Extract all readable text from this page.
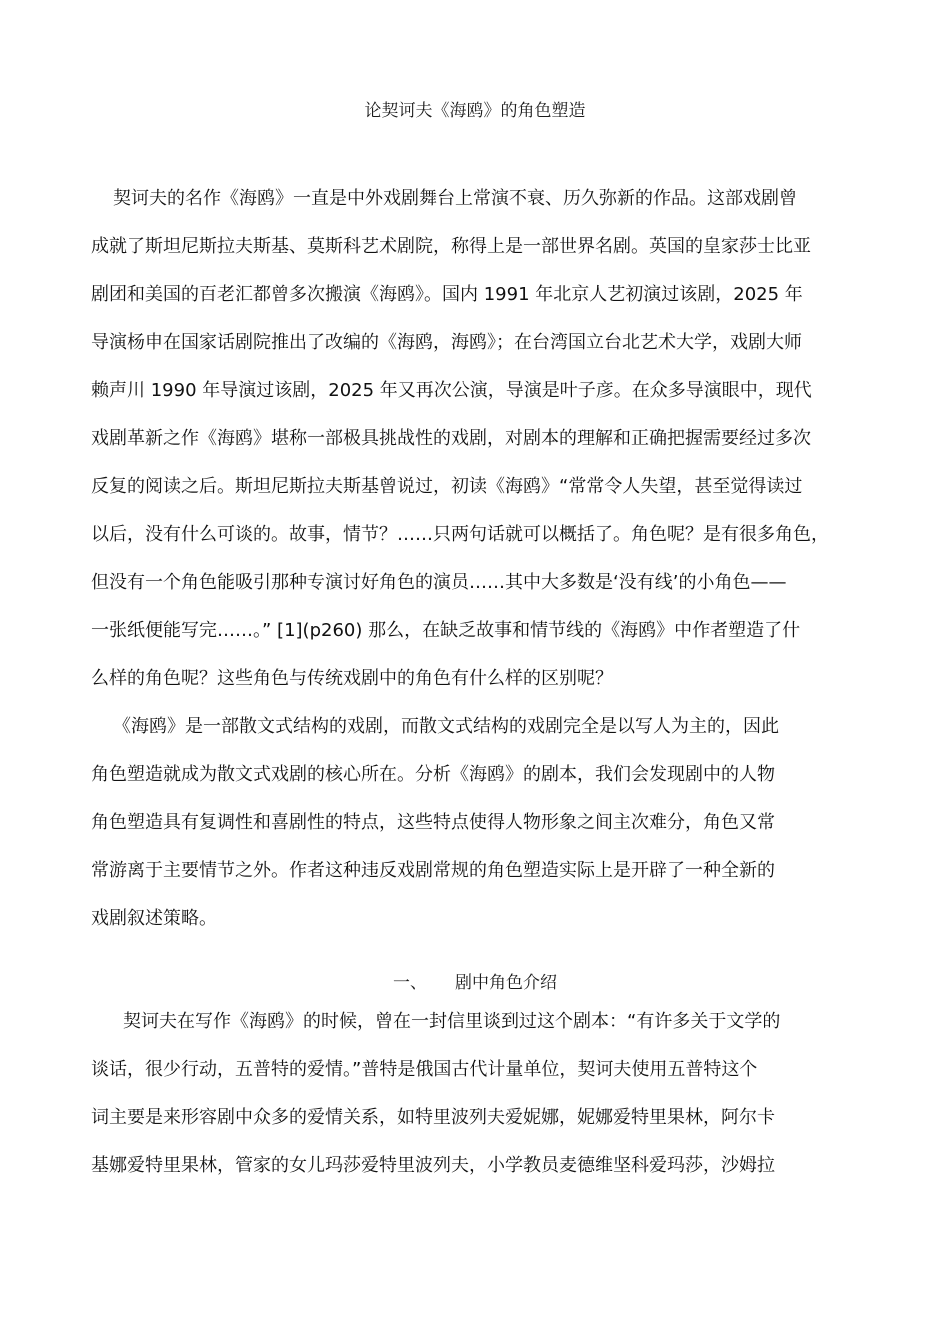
论契诃夫《海鸥》的角色塑造
契诃夫的名作《海鸥》一直是中外戏剧舞台上常演不衰、历久弥新的作品。这部戏剧曾
成就了斯坦尼斯拉夫斯基、莫斯科艺术剧院，称得上是一部世界名剧。英国的皇家莎士比亚
剧团和美国的百老汇都曾多次搬演《海鸥》。国内 1991 年北京人艺初演过该剧，2025 年
导演杨申在国家话剧院推出了改编的《海鸥，海鸥》；在台湾国立台北艺术大学，戏剧大师
赖声川 1990 年导演过该剧，2025 年又再次公演，导演是叶子彦。在众多导演眼中，现代
戏剧革新之作《海鸥》堪称一部极具挑战性的戏剧，对剧本的理解和正确把握需要经过多次
反复的阅读之后。斯坦尼斯拉夫斯基曾说过，初读《海鸥》“常常令人失望，甚至觉得读过
以后，没有什么可谈的。故事，情节？……只两句话就可以概括了。角色呢？是有很多角色，
但没有一个角色能吸引那种专演讨好角色的演员……其中大多数是‘没有线’的小角色——
一张纸便能写完……。” [1](p260) 那么，在缺乏故事和情节线的《海鸥》中作者塑造了什
么样的角色呢？这些角色与传统戏剧中的角色有什么样的区别呢？
《海鸥》是一部散文式结构的戏剧，而散文式结构的戏剧完全是以写人为主的，因此
角色塑造就成为散文式戏剧的核心所在。分析《海鸥》的剧本，我们会发现剧中的人物
角色塑造具有复调性和喜剧性的特点，这些特点使得人物形象之间主次难分，角色又常
常游离于主要情节之外。作者这种违反戏剧常规的角色塑造实际上是开辟了一种全新的
戏剧叙述策略。
一、 剧中角色介绍
契诃夫在写作《海鸥》的时候，曾在一封信里谈到过这个剧本：“有许多关于文学的
谈话，很少行动，五普特的爱情。”普特是俄国古代计量单位，契诃夫使用五普特这个
词主要是来形容剧中众多的爱情关系，如特里波列夫爱妮娜，妮娜爱特里果林，阿尔卡
基娜爱特里果林，管家的女儿玛莎爱特里波列夫，小学教员麦德维坚科爱玛莎，沙姆拉
